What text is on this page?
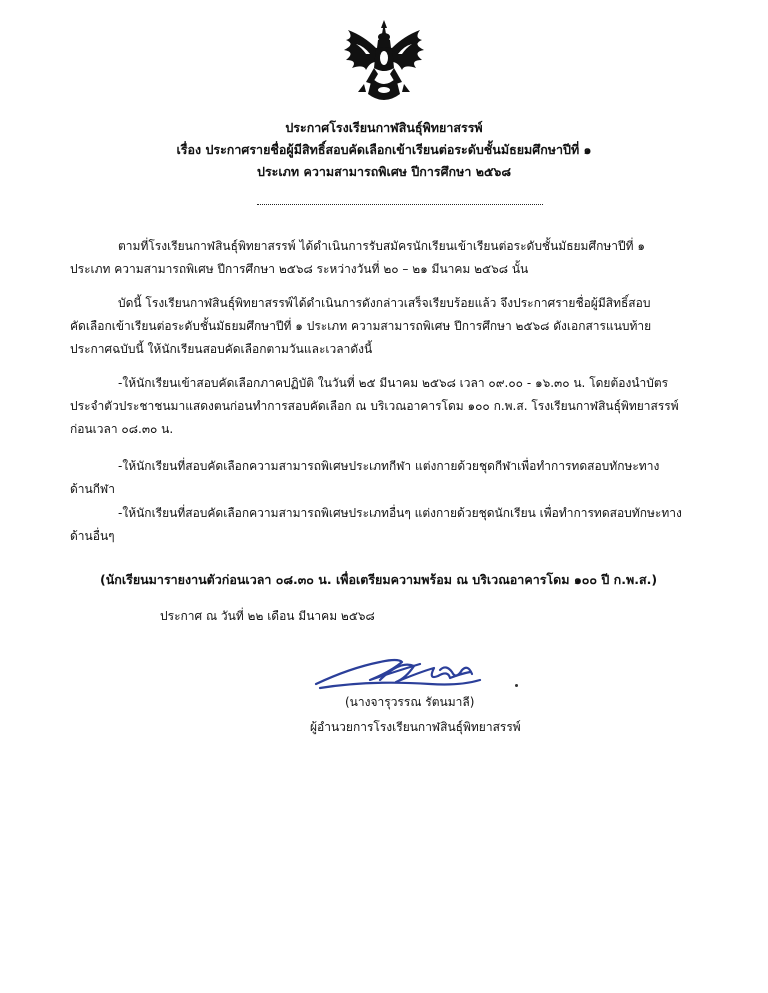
ประกาศโรงเรียนกาฬสินธุ์พิทยาสรรพ์
เรื่อง ประกาศรายชื่อผู้มีสิทธิ์สอบคัดเลือกเข้าเรียนต่อระดับชั้นมัธยมศึกษาปีที่ ๑
ประเภท ความสามารถพิเศษ ปีการศึกษา ๒๕๖๘
ตามที่โรงเรียนกาฬสินธุ์พิทยาสรรพ์ ได้ดำเนินการรับสมัครนักเรียนเข้าเรียนต่อระดับชั้นมัธยมศึกษาปีที่ ๑
ประเภท ความสามารถพิเศษ ปีการศึกษา ๒๕๖๘ ระหว่างวันที่ ๒๐ – ๒๑ มีนาคม ๒๕๖๘ นั้น
บัดนี้ โรงเรียนกาฬสินธุ์พิทยาสรรพ์ได้ดำเนินการดังกล่าวเสร็จเรียบร้อยแล้ว จึงประกาศรายชื่อผู้มีสิทธิ์สอบ
คัดเลือกเข้าเรียนต่อระดับชั้นมัธยมศึกษาปีที่ ๑ ประเภท ความสามารถพิเศษ ปีการศึกษา ๒๕๖๘ ดังเอกสารแนบท้าย
ประกาศฉบับนี้ ให้นักเรียนสอบคัดเลือกตามวันและเวลาดังนี้
-ให้นักเรียนเข้าสอบคัดเลือกภาคปฏิบัติ ในวันที่ ๒๕ มีนาคม ๒๕๖๘ เวลา ๐๙.๐๐ - ๑๖.๓๐ น. โดยต้องนำบัตร
ประจำตัวประชาชนมาแสดงตนก่อนทำการสอบคัดเลือก ณ บริเวณอาคารโดม ๑๐๐ ก.พ.ส. โรงเรียนกาฬสินธุ์พิทยาสรรพ์
ก่อนเวลา ๐๘.๓๐ น.
-ให้นักเรียนที่สอบคัดเลือกความสามารถพิเศษประเภทกีฬา แต่งกายด้วยชุดกีฬาเพื่อทำการทดสอบทักษะทาง
ด้านกีฬา
-ให้นักเรียนที่สอบคัดเลือกความสามารถพิเศษประเภทอื่นๆ แต่งกายด้วยชุดนักเรียน เพื่อทำการทดสอบทักษะทาง
ด้านอื่นๆ
(นักเรียนมารายงานตัวก่อนเวลา ๐๘.๓๐ น. เพื่อเตรียมความพร้อม ณ บริเวณอาคารโดม ๑๐๐ ปี ก.พ.ส.)
ประกาศ ณ วันที่ ๒๒ เดือน มีนาคม ๒๕๖๘
(นางจารุวรรณ รัตนมาลี)
ผู้อำนวยการโรงเรียนกาฬสินธุ์พิทยาสรรพ์
